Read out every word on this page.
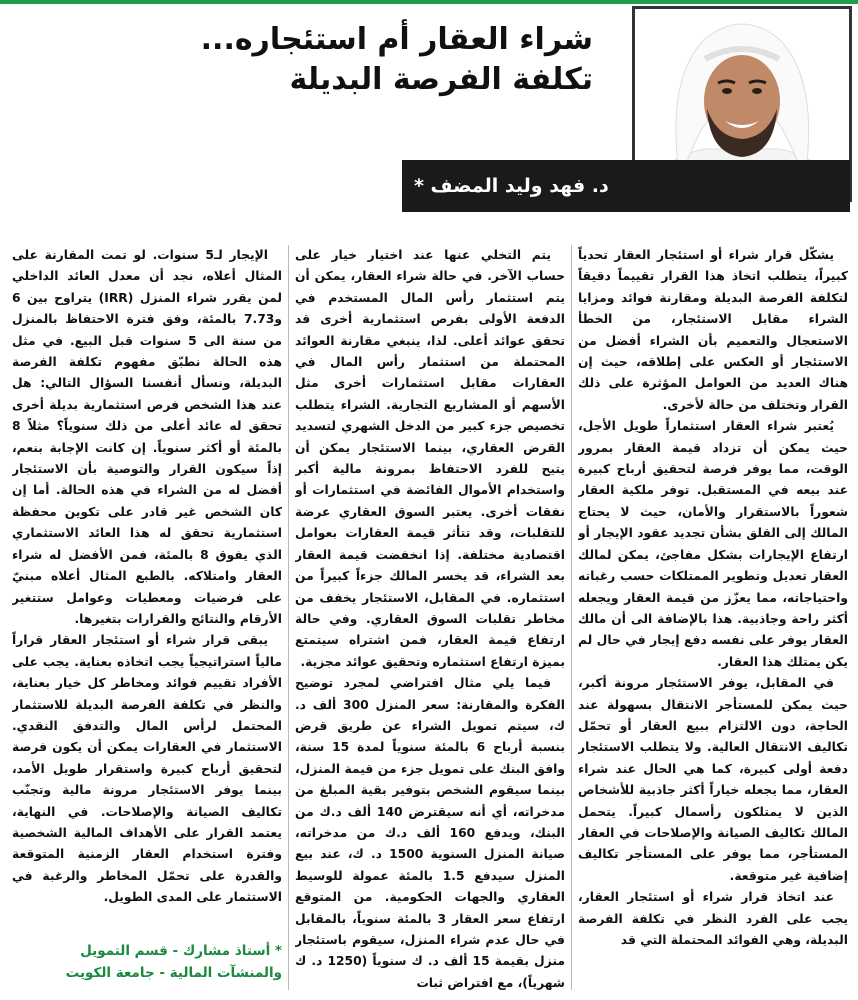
شراء العقار أم استئجاره...
تكلفة الفرصة البديلة
د. فهد وليد المضف *

يشكّل قرار شراء أو استئجار العقار تحدياً كبيراً، يتطلب اتخاذ هذا القرار تقييماً دقيقاً لتكلفة الفرصة البديلة ومقارنة فوائد ومزايا الشراء مقابل الاستئجار، من الخطأ الاستعجال والتعميم بأن الشراء أفضل من الاستئجار أو العكس على إطلاقه، حيث إن هناك العديد من العوامل المؤثرة على ذلك القرار وتختلف من حالة لأخرى.

يُعتبر شراء العقار استثماراً طويل الأجل، حيث يمكن أن تزداد قيمة العقار بمرور الوقت، مما يوفر فرصة لتحقيق أرباح كبيرة عند بيعه في المستقبل. توفر ملكية العقار شعوراً بالاستقرار والأمان، حيث لا يحتاج المالك إلى القلق بشأن تجديد عقود الإيجار أو ارتفاع الإيجارات بشكل مفاجئ، يمكن لمالك العقار تعديل وتطوير الممتلكات حسب رغباته واحتياجاته، مما يعزّز من قيمة العقار ويجعله أكثر راحة وجاذبية. هذا بالإضافة الى أن مالك العقار يوفر على نفسه دفع إيجار في حال لم يكن يمتلك هذا العقار.

في المقابل، يوفر الاستئجار مرونة أكبر، حيث يمكن للمستأجر الانتقال بسهولة عند الحاجة، دون الالتزام ببيع العقار أو تحمّل تكاليف الانتقال العالية. ولا يتطلب الاستئجار دفعة أولى كبيرة، كما هي الحال عند شراء العقار، مما يجعله خياراً أكثر جاذبية للأشخاص الذين لا يمتلكون رأسمال كبيراً. يتحمل المالك تكاليف الصيانة والإصلاحات في العقار المستأجر، مما يوفر على المستأجر تكاليف إضافية غير متوقعة.

عند اتخاذ قرار شراء أو استئجار العقار، يجب على الفرد النظر في تكلفة الفرصة البديلة، وهي الفوائد المحتملة التي قد

يتم التخلي عنها عند اختيار خيار على حساب الآخر. في حالة شراء العقار، يمكن أن يتم استثمار رأس المال المستخدم في الدفعة الأولى بفرص استثمارية أخرى قد تحقق عوائد أعلى. لذا، ينبغي مقارنة العوائد المحتملة من استثمار رأس المال في العقارات مقابل استثمارات أخرى مثل الأسهم أو المشاريع التجارية. الشراء يتطلب تخصيص جزء كبير من الدخل الشهري لتسديد القرض العقاري، بينما الاستئجار يمكن أن يتيح للفرد الاحتفاظ بمرونة مالية أكبر واستخدام الأموال الفائضة في استثمارات أو نفقات أخرى. يعتبر السوق العقاري عرضة للتقلبات، وقد تتأثر قيمة العقارات بعوامل اقتصادية مختلفة. إذا انخفضت قيمة العقار بعد الشراء، قد يخسر المالك جزءاً كبيراً من استثماره. في المقابل، الاستئجار يخفف من مخاطر تقلبات السوق العقاري. وفي حالة ارتفاع قيمة العقار، فمن اشتراه سيتمتع بميزة ارتفاع استثماره وتحقيق عوائد مجزية.

فيما يلي مثال افتراضي لمجرد توضيح الفكرة والمقارنة: سعر المنزل 300 ألف د. ك، سيتم تمويل الشراء عن طريق قرض بنسبة أرباح 6 بالمئة سنوياً لمدة 15 سنة، وافق البنك على تمويل جزء من قيمة المنزل، بينما سيقوم الشخص بتوفير بقية المبلغ من مدخراته، أي أنه سيقترض 140 ألف د.ك من البنك، ويدفع 160 ألف د.ك من مدخراته، صيانة المنزل السنوية 1500 د. ك، عند بيع المنزل سيدفع 1.5 بالمئة عمولة للوسيط العقاري والجهات الحكومية. من المتوقع ارتفاع سعر العقار 3 بالمئة سنوياً، بالمقابل في حال عدم شراء المنزل، سيقوم باستئجار منزل بقيمة 15 ألف د. ك سنوياً (1250 د. ك شهرياً)، مع افتراض ثبات

الإيجار لـ5 سنوات. لو تمت المقارنة على المثال أعلاه، نجد أن معدل العائد الداخلي لمن يقرر شراء المنزل (IRR) يتراوح بين 6 و7.73 بالمئة، وفق فترة الاحتفاظ بالمنزل من سنة الى 5 سنوات قبل البيع. في مثل هذه الحالة نطبّق مفهوم تكلفة الفرصة البديلة، ونسأل أنفسنا السؤال التالي: هل عند هذا الشخص فرص استثمارية بديلة أخرى تحقق له عائد أعلى من ذلك سنوياً؟ مثلاً 8 بالمئة أو أكثر سنوياً. إن كانت الإجابة بنعم، إذاً سيكون القرار والتوصية بأن الاستئجار أفضل له من الشراء في هذه الحالة. أما إن كان الشخص غير قادر على تكوين محفظة استثمارية تحقق له هذا العائد الاستثماري الذي يفوق 8 بالمئة، فمن الأفضل له شراء العقار وامتلاكه. بالطبع المثال أعلاه مبنيّ على فرضيات ومعطيات وعوامل ستتغير الأرقام والنتائج والقرارات بتغيرها.

يبقى قرار شراء أو استئجار العقار قراراً مالياً استراتيجياً يجب اتخاذه بعناية. يجب على الأفراد تقييم فوائد ومخاطر كل خيار بعناية، والنظر في تكلفة الفرصة البديلة للاستثمار المحتمل لرأس المال والتدفق النقدي. الاستثمار في العقارات يمكن أن يكون فرصة لتحقيق أرباح كبيرة واستقرار طويل الأمد، بينما يوفر الاستئجار مرونة مالية وتجنّب تكاليف الصيانة والإصلاحات. في النهاية، يعتمد القرار على الأهداف المالية الشخصية وفترة استخدام العقار الزمنية المتوقعة والقدرة على تحمّل المخاطر والرغبة في الاستثمار على المدى الطويل.

* أستاذ مشارك - قسم التمويل
والمنشآت المالية - جامعة الكويت
